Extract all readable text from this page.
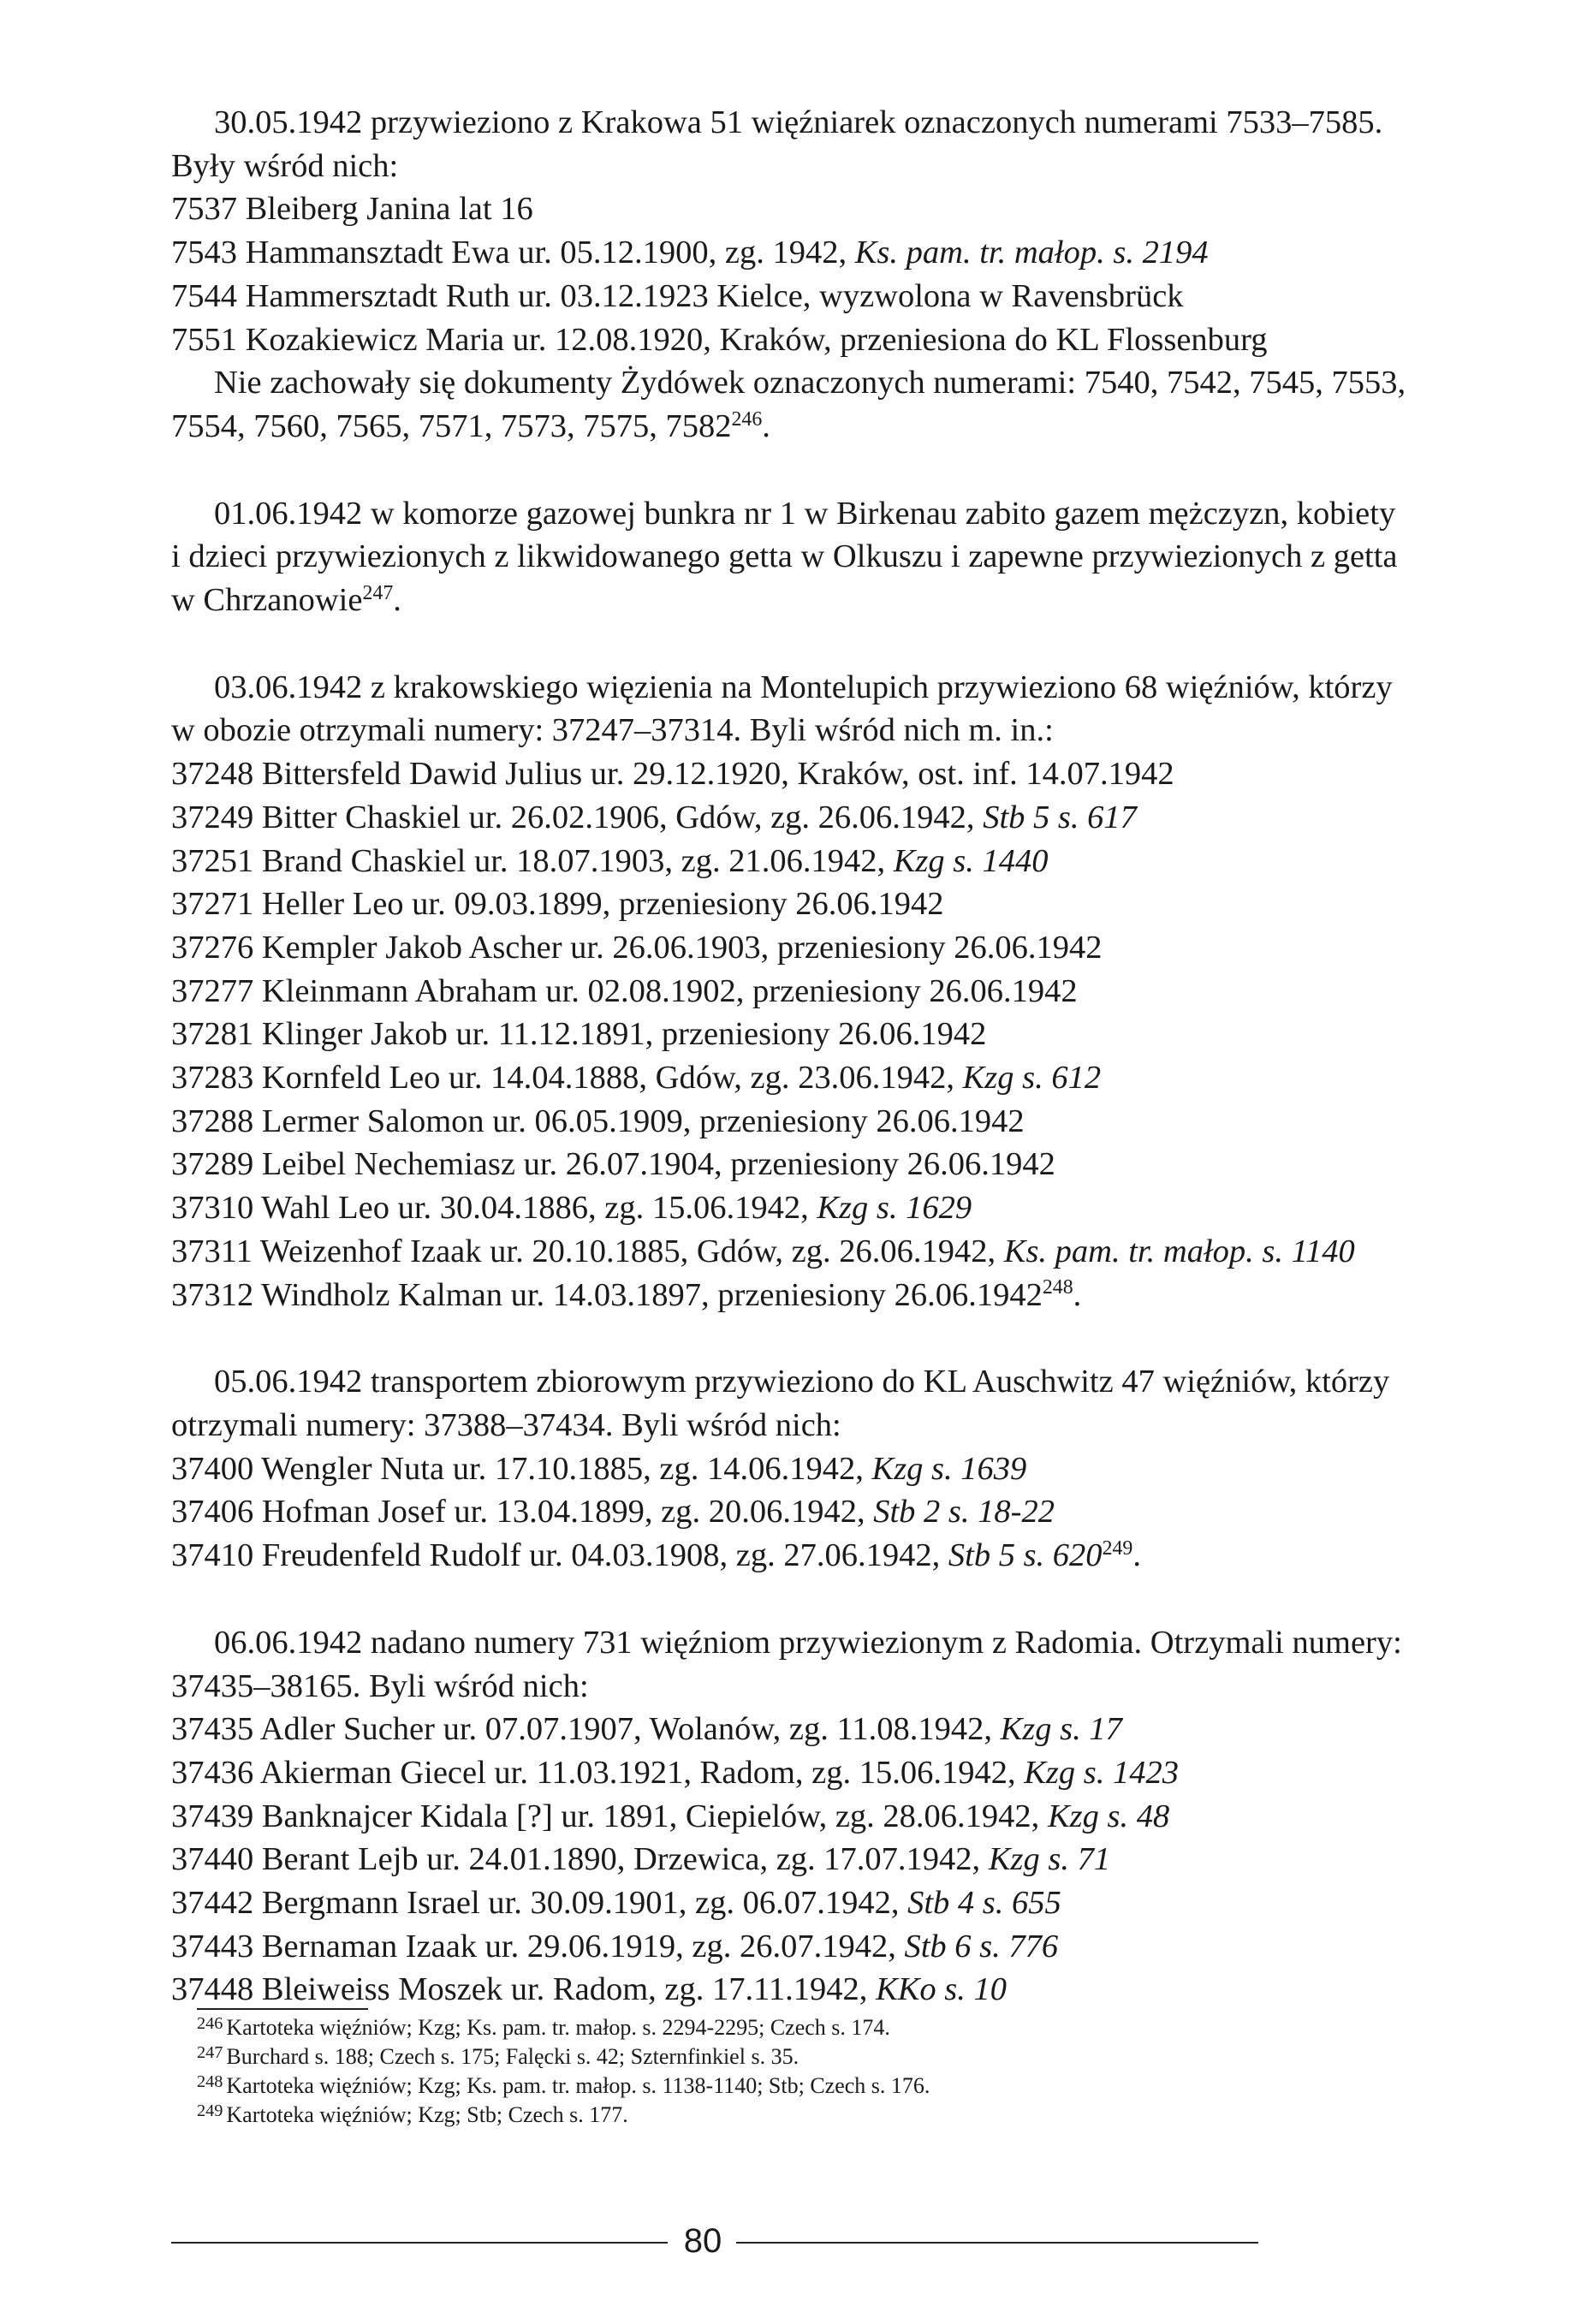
30.05.1942 przywieziono z Krakowa 51 więźniarek oznaczonych numerami 7533–7585.
Były wśród nich:
7537 Bleiberg Janina lat 16
7543 Hammansztadt Ewa ur. 05.12.1900, zg. 1942, Ks. pam. tr. małop. s. 2194
7544 Hammersztadt Ruth ur. 03.12.1923 Kielce, wyzwolona w Ravensbrück
7551 Kozakiewicz Maria ur. 12.08.1920, Kraków, przeniesiona do KL Flossenburg
Nie zachowały się dokumenty Żydówek oznaczonych numerami: 7540, 7542, 7545, 7553,
7554, 7560, 7565, 7571, 7573, 7575, 7582$^{246}$.
01.06.1942 w komorze gazowej bunkra nr 1 w Birkenau zabito gazem mężczyzn, kobiety
i dzieci przywiezionych z likwidowanego getta w Olkuszu i zapewne przywiezionych z getta
w Chrzanowie$^{247}$.
03.06.1942 z krakowskiego więzienia na Montelupich przywieziono 68 więźniów, którzy
w obozie otrzymali numery: 37247–37314. Byli wśród nich m. in.:
37248 Bittersfeld Dawid Julius ur. 29.12.1920, Kraków, ost. inf. 14.07.1942
37249 Bitter Chaskiel ur. 26.02.1906, Gdów, zg. 26.06.1942, Stb 5 s. 617
37251 Brand Chaskiel ur. 18.07.1903, zg. 21.06.1942, Kzg s. 1440
37271 Heller Leo ur. 09.03.1899, przeniesiony 26.06.1942
37276 Kempler Jakob Ascher ur. 26.06.1903, przeniesiony 26.06.1942
37277 Kleinmann Abraham ur. 02.08.1902, przeniesiony 26.06.1942
37281 Klinger Jakob ur. 11.12.1891, przeniesiony 26.06.1942
37283 Kornfeld Leo ur. 14.04.1888, Gdów, zg. 23.06.1942, Kzg s. 612
37288 Lermer Salomon ur. 06.05.1909, przeniesiony 26.06.1942
37289 Leibel Nechemiasz ur. 26.07.1904, przeniesiony 26.06.1942
37310 Wahl Leo ur. 30.04.1886, zg. 15.06.1942, Kzg s. 1629
37311 Weizenhof Izaak ur. 20.10.1885, Gdów, zg. 26.06.1942, Ks. pam. tr. małop. s. 1140
37312 Windholz Kalman ur. 14.03.1897, przeniesiony 26.06.1942$^{248}$.
05.06.1942 transportem zbiorowym przywieziono do KL Auschwitz 47 więźniów, którzy
otrzymali numery: 37388–37434. Byli wśród nich:
37400 Wengler Nuta ur. 17.10.1885, zg. 14.06.1942, Kzg s. 1639
37406 Hofman Josef ur. 13.04.1899, zg. 20.06.1942, Stb 2 s. 18-22
37410 Freudenfeld Rudolf ur. 04.03.1908, zg. 27.06.1942, Stb 5 s. $620^{249}$.
06.06.1942 nadano numery 731 więźniom przywiezionym z Radomia. Otrzymali numery:
37435–38165. Byli wśród nich:
37435 Adler Sucher ur. 07.07.1907, Wolanów, zg. 11.08.1942, Kzg s. 17
37436 Akierman Giecel ur. 11.03.1921, Radom, zg. 15.06.1942, Kzg s. 1423
37439 Banknajcer Kidala [?] ur. 1891, Ciepielów, zg. 28.06.1942, Kzg s. 48
37440 Berant Lejb ur. 24.01.1890, Drzewica, zg. 17.07.1942, Kzg s. 71
37442 Bergmann Israel ur. 30.09.1901, zg. 06.07.1942, Stb 4 s. 655
37443 Bernaman Izaak ur. 29.06.1919, zg. 26.07.1942, Stb 6 s. 776
37448 Bleiweiss Moszek ur. Radom, zg. 17.11.1942, KKo s. 10
$^{246}$ Kartoteka więźniów; Kzg; Ks. pam. tr. małop. s. 2294-2295; Czech s. 174.
$^{247}$ Burchard s. 188; Czech s. 175; Falęcki s. 42; Szternfinkiel s. 35.
$^{248}$ Kartoteka więźniów; Kzg; Ks. pam. tr. małop. s. 1138-1140; Stb; Czech s. 176.
$^{249}$ Kartoteka więźniów; Kzg; Stb; Czech s. 177.
80
